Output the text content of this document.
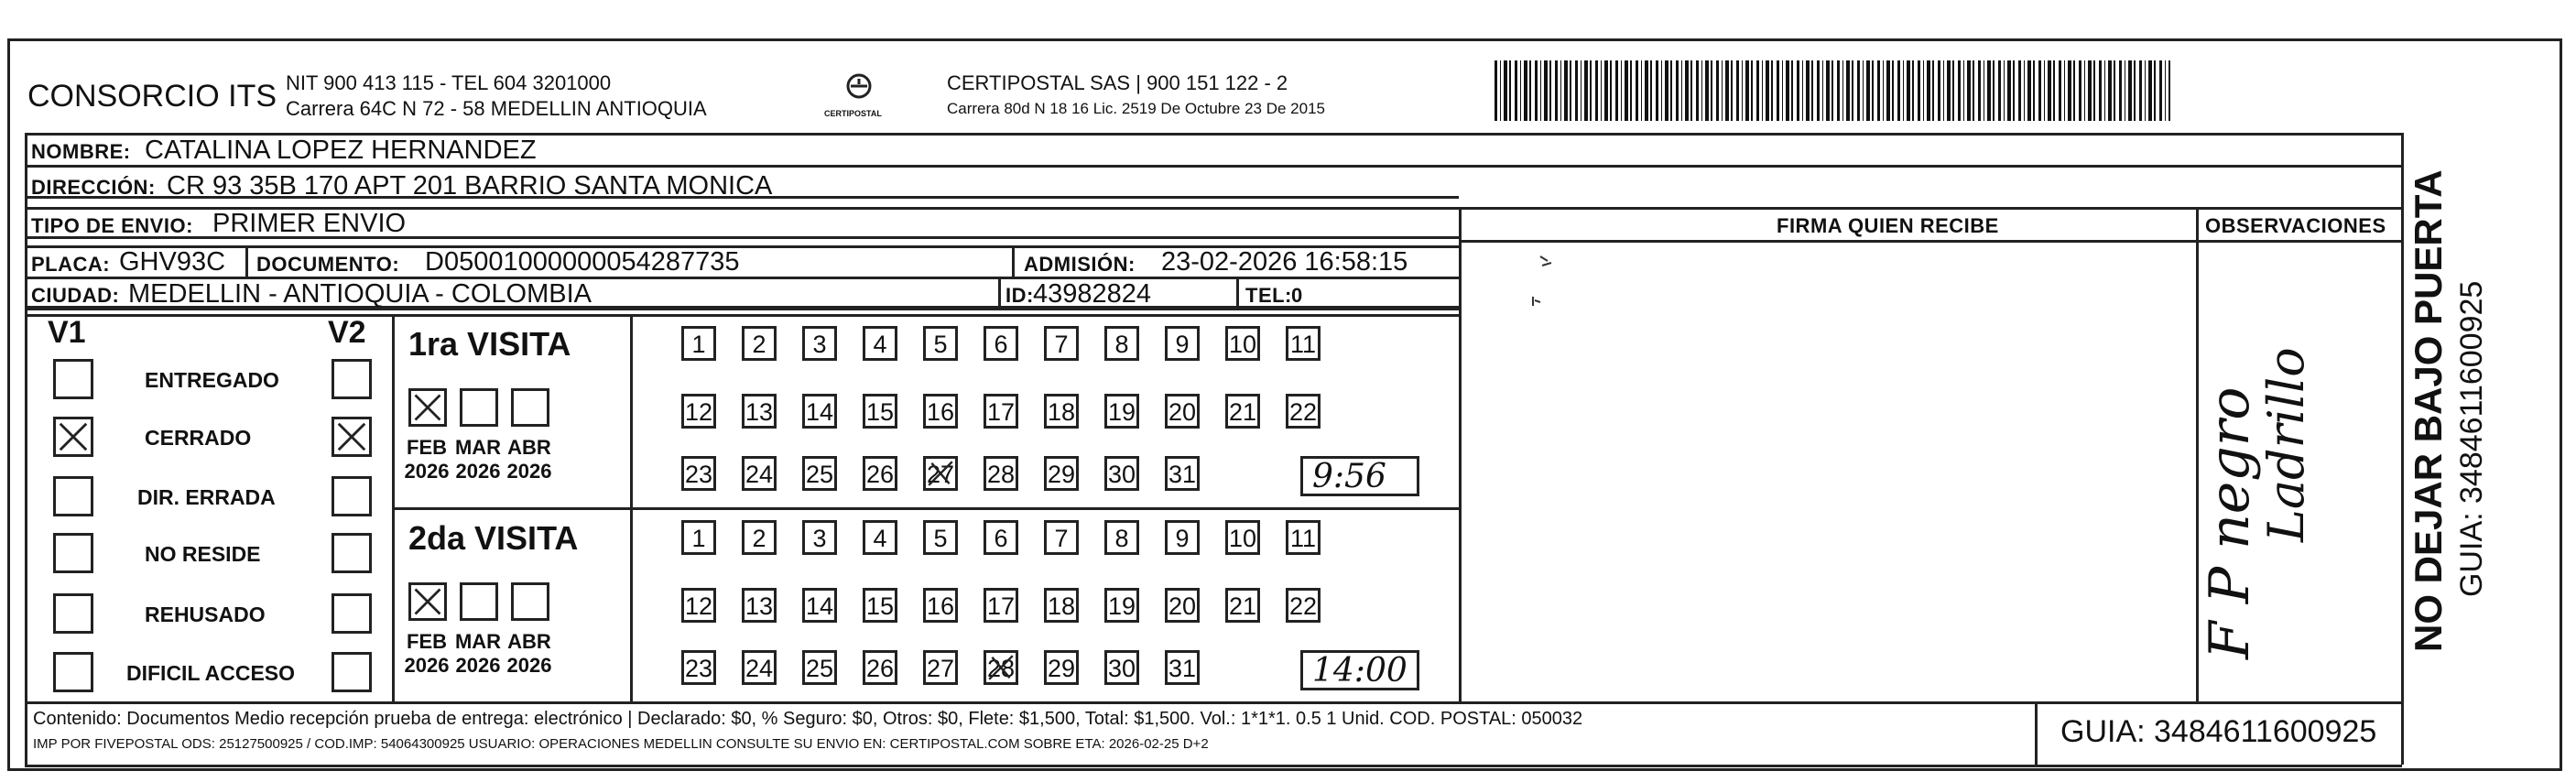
CONSORCIO ITS NIT 900 413 115 - TEL 604 3201000
Carrera 64C N 72 - 58 MEDELLIN ANTIOQUIA	CERTIPOSTAL
CERTIPOSTAL SAS | 900 151 122 - 2
Carrera 80d N 18 16 Lic. 2519 De Octubre 23 De 2015
NOMBRE: CATALINA LOPEZ HERNANDEZ
DIRECCIÓN: CR 93 35B 170 APT 201 BARRIO SANTA MONICA
TIPO DE ENVIO: PRIMER ENVIO	FIRMA QUIEN RECIBE	OBSERVACIONES
PLACA: GHV93C DOCUMENTO: D05001000000054287735	ADMISIÓN: 23-02-2026 16:58:15
CIUDAD: MEDELLIN - ANTIOQUIA - COLOMBIA	ID: 43982824	TEL: 0
V1	V2
ENTREGADO
CERRADO
DIR. ERRADA
NO RESIDE
REHUSADO
DIFICIL ACCESO
1ra VISITA
FEB
2026
MAR
2026
ABR
2026
1	2	3	4	5	6	7	8	9	10 11
12 13 14 15 16 17 18 19 20 21 22
23 24 25 26 27 28 29 30 31	9:56
2da VISITA
FEB
2026
MAR
2026
ABR
2026
1	2	3	4	5	6	7	8	9	10 11
12 13 14 15 16 17 18 19 20 21 22
23 24 25 26 27 28 29 30 31	14:00
F P negro
Ladrillo NO DEJAR BAJO PUERTA GUIA: 3484611600925
Contenido: Documentos Medio recepción prueba de entrega: electrónico | Declarado: $0, % Seguro: $0, Otros: $0, Flete: $1,500, Total: $1,500. Vol.: 1*1*1. 0.5 1 Unid. COD. POSTAL: 050032
IMP POR FIVEPOSTAL ODS: 25127500925 / COD.IMP: 54064300925 USUARIO: OPERACIONES MEDELLIN CONSULTE SU ENVIO EN: CERTIPOSTAL.COM SOBRE ETA: 2026-02-25 D+2	GUIA: 3484611600925
